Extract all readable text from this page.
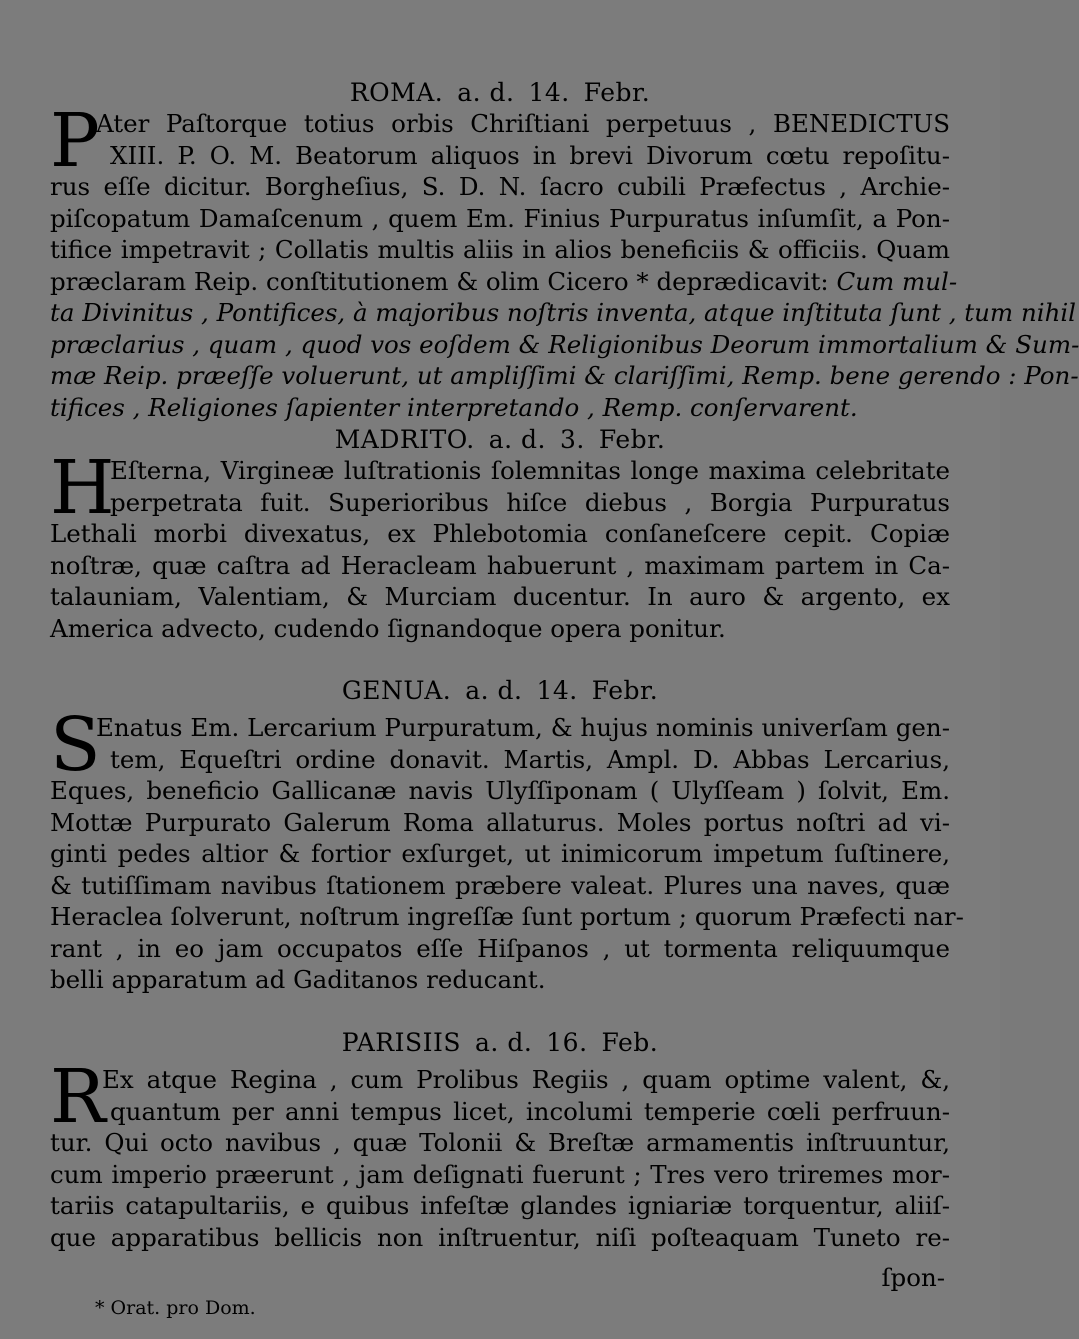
ROMA. a. d. 14. Febr.
P
Ater Paſtorque totius orbis Chriſtiani perpetuus , BENEDICTUS
XIII. P. O. M. Beatorum aliquos in brevi Divorum cœtu repoſitu-
rus eſſe dicitur. Borgheſius, S. D. N. ſacro cubili Præfectus , Archie-
piſcopatum Damaſcenum , quem Em. Finius Purpuratus inſumſit, a Pon-
tifice impetravit ; Collatis multis aliis in alios beneficiis & officiis. Quam
præclaram Reip. conſtitutionem & olim Cicero * deprædicavit: Cum mul-
ta Divinitus , Pontifices, à majoribus noſtris inventa, atque inſtituta ſunt , tum nihil
præclarius , quam , quod vos eoſdem & Religionibus Deorum immortalium & Sum-
mæ Reip. præeſſe voluerunt, ut ampliſſimi & clariſſimi, Remp. bene gerendo : Pon-
tifices , Religiones ſapienter interpretando , Remp. conſervarent.
MADRITO. a. d. 3. Febr.
H
Eſterna, Virgineæ luſtrationis ſolemnitas longe maxima celebritate
perpetrata fuit. Superioribus hiſce diebus , Borgia Purpuratus
Lethali morbi divexatus, ex Phlebotomia conſaneſcere cepit. Copiæ
noſtræ, quæ caſtra ad Heracleam habuerunt , maximam partem in Ca-
talauniam, Valentiam, & Murciam ducentur. In auro & argento, ex
America advecto, cudendo ſignandoque opera ponitur.
GENUA. a. d. 14. Febr.
S
Enatus Em. Lercarium Purpuratum, & hujus nominis univerſam gen-
tem, Equeſtri ordine donavit. Martis, Ampl. D. Abbas Lercarius,
Eques, beneficio Gallicanæ navis Ulyſſiponam ( Ulyſſeam ) ſolvit, Em.
Mottæ Purpurato Galerum Roma allaturus. Moles portus noſtri ad vi-
ginti pedes altior & fortior exſurget, ut inimicorum impetum ſuſtinere,
& tutiſſimam navibus ſtationem præbere valeat. Plures una naves, quæ
Heraclea ſolverunt, noſtrum ingreſſæ ſunt portum ; quorum Præfecti nar-
rant , in eo jam occupatos eſſe Hiſpanos , ut tormenta reliquumque
belli apparatum ad Gaditanos reducant.
PARISIIS a. d. 16. Feb.
R
Ex atque Regina , cum Prolibus Regiis , quam optime valent, &,
quantum per anni tempus licet, incolumi temperie cœli perfruun-
tur. Qui octo navibus , quæ Tolonii & Breſtæ armamentis inſtruuntur,
cum imperio præerunt , jam deſignati fuerunt ; Tres vero triremes mor-
tariis catapultariis, e quibus infeſtæ glandes igniariæ torquentur, aliiſ-
que apparatibus bellicis non inſtruentur, niſi poſteaquam Tuneto re-
ſpon-
* Orat. pro Dom.
